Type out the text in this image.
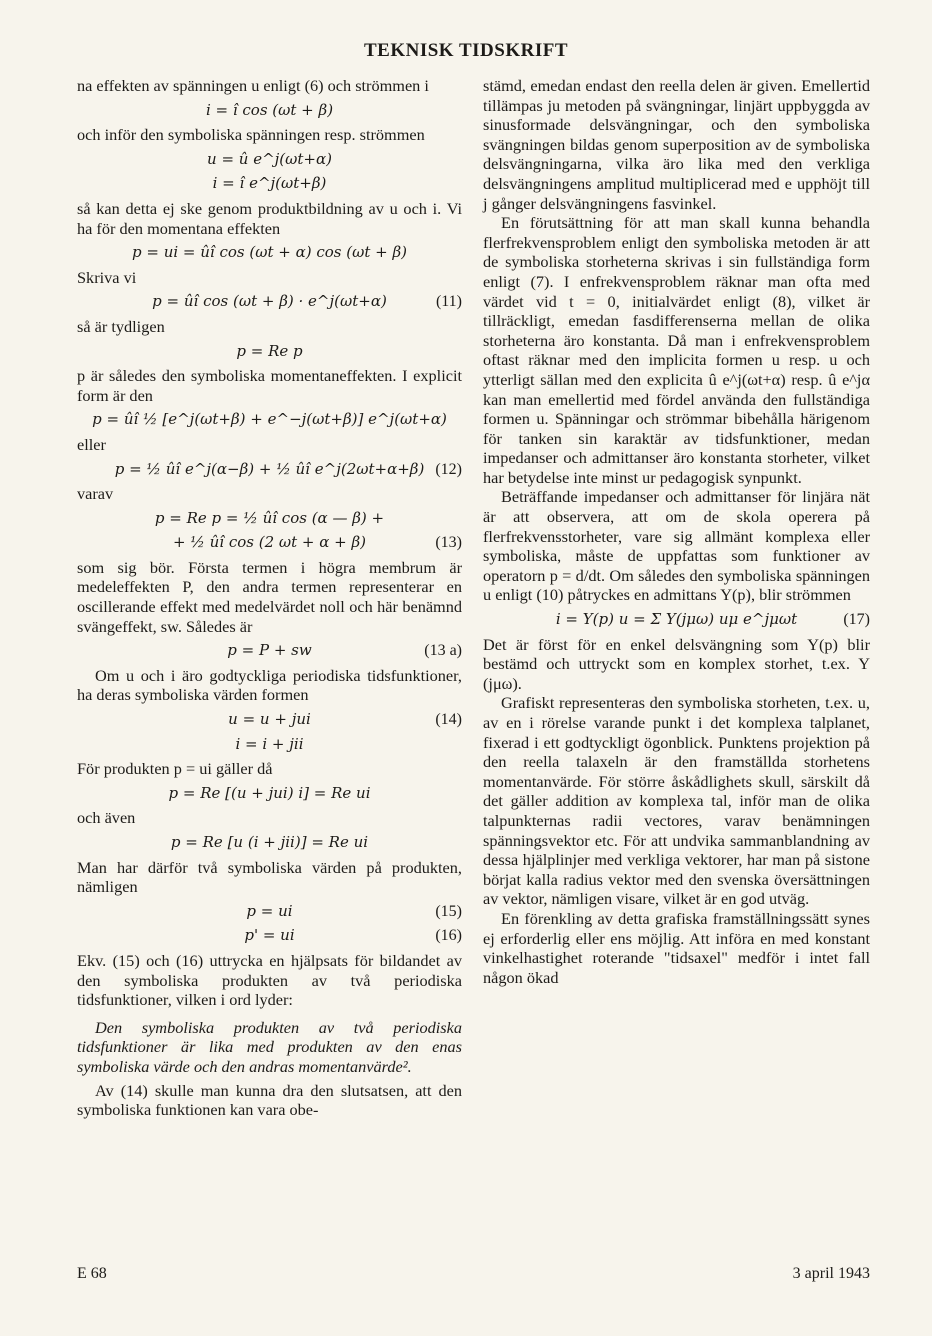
TEKNISK TIDSKRIFT

na effekten av spänningen u enligt (6) och strömmen i

i = î cos (ωt + β)

och inför den symboliska spänningen resp. strömmen

u = û e^j(ωt+α)
i = î e^j(ωt+β)

så kan detta ej ske genom produktbildning av u och i. Vi ha för den momentana effekten

p = ui = ûî cos (ωt + α) cos (ωt + β)

Skriva vi

p = ûî cos (ωt + β) · e^j(ωt+α)	(11)

så är tydligen

p = Re p

p är således den symboliska momentaneffekten. I explicit form är den

p = ûî ½ [e^j(ωt+β) + e^−j(ωt+β)] e^j(ωt+α)

eller

p = ½ ûî e^j(α−β) + ½ ûî e^j(2ωt+α+β) (12)

varav

p = Re p = ½ ûî cos (α — β) +
+ ½ ûî cos (2 ωt + α + β)	(13)

som sig bör. Första termen i högra membrum är medeleffekten P, den andra termen representerar en oscillerande effekt med medelvärdet noll och här benämnd svängeffekt, sw. Således är

p = P + sw	(13 a)

Om u och i äro godtyckliga periodiska tidsfunktioner, ha deras symboliska värden formen

u = u + jui	(14)
i = i + jii

För produkten p = ui gäller då

p = Re [(u + jui) i] = Re ui

och även

p = Re [u (i + jii)] = Re ui

Man har därför två symboliska värden på produkten, nämligen

p = ui	(15)
p' = ui	(16)

Ekv. (15) och (16) uttrycka en hjälpsats för bildandet av den symboliska produkten av två periodiska tidsfunktioner, vilken i ord lyder:

Den symboliska produkten av två periodiska tidsfunktioner är lika med produkten av den enas symboliska värde och den andras momentanvärde².

Av (14) skulle man kunna dra den slutsatsen, att den symboliska funktionen kan vara obe-

stämd, emedan endast den reella delen är given. Emellertid tillämpas ju metoden på svängningar, linjärt uppbyggda av sinusformade delsvängningar, och den symboliska svängningen bildas genom superposition av de symboliska delsvängningarna, vilka äro lika med den verkliga delsvängningens amplitud multiplicerad med e upphöjt till j gånger delsvängningens fasvinkel.

En förutsättning för att man skall kunna behandla flerfrekvensproblem enligt den symboliska metoden är att de symboliska storheterna skrivas i sin fullständiga form enligt (7). I enfrekvensproblem räknar man ofta med värdet vid t = 0, initialvärdet enligt (8), vilket är tillräckligt, emedan fasdifferenserna mellan de olika storheterna äro konstanta. Då man i enfrekvensproblem oftast räknar med den implicita formen u resp. u och ytterligt sällan med den explicita û e^j(ωt+α) resp. û e^jα kan man emellertid med fördel använda den fullständiga formen u. Spänningar och strömmar bibehålla härigenom för tanken sin karaktär av tidsfunktioner, medan impedanser och admittanser äro konstanta storheter, vilket har betydelse inte minst ur pedagogisk synpunkt.

Beträffande impedanser och admittanser för linjära nät är att observera, att om de skola operera på flerfrekvensstorheter, vare sig allmänt komplexa eller symboliska, måste de uppfattas som funktioner av operatorn p = d/dt. Om således den symboliska spänningen u enligt (10) påtryckes en admittans Y(p), blir strömmen

i = Y(p) u = Σ Y(jμω) uμ e^jμωt	(17)

Det är först för en enkel delsvängning som Y(p) blir bestämd och uttryckt som en komplex storhet, t.ex. Y (jμω).

Grafiskt representeras den symboliska storheten, t.ex. u, av en i rörelse varande punkt i det komplexa talplanet, fixerad i ett godtyckligt ögonblick. Punktens projektion på den reella talaxeln är den framställda storhetens momentanvärde. För större åskådlighets skull, särskilt då det gäller addition av komplexa tal, inför man de olika talpunkternas radii vectores, varav benämningen spänningsvektor etc. För att undvika sammanblandning av dessa hjälplinjer med verkliga vektorer, har man på sistone börjat kalla radius vektor med den svenska översättningen av vektor, nämligen visare, vilket är en god utväg.

En förenkling av detta grafiska framställningssätt synes ej erforderlig eller ens möjlig. Att införa en med konstant vinkelhastighet roterande "tidsaxel" medför i intet fall någon ökad

E 68	3 april 1943
